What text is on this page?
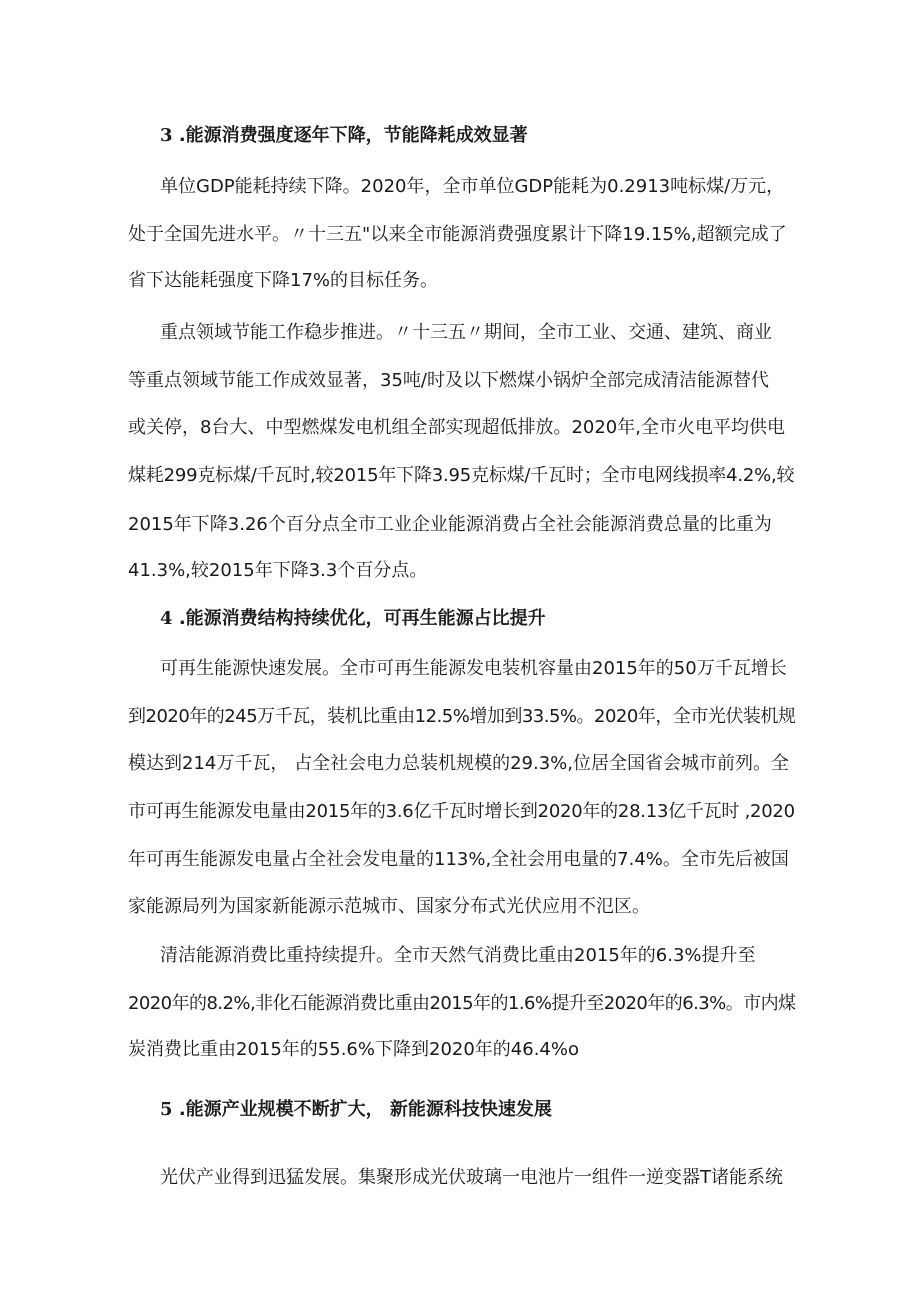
3 .能源消费强度逐年下降，节能降耗成效显著
单位GDP能耗持续下降。2020年，全市单位GDP能耗为0.2913吨标煤/万元，
处于全国先进水平。〃十三五"以来全市能源消费强度累计下降19.15%,超额完成了
省下达能耗强度下降17%的目标任务。
重点领域节能工作稳步推进。〃十三五〃期间，全市工业、交通、建筑、商业
等重点领域节能工作成效显著，35吨/时及以下燃煤小锅炉全部完成清洁能源替代
或关停，8台大、中型燃煤发电机组全部实现超低排放。2020年,全市火电平均供电
煤耗299克标煤/千瓦时,较2015年下降3.95克标煤/千瓦时；全市电网线损率4.2%,较
2015年下降3.26个百分点全市工业企业能源消费占全社会能源消费总量的比重为
41.3%,较2015年下降3.3个百分点。
4 .能源消费结构持续优化，可再生能源占比提升
可再生能源快速发展。全市可再生能源发电装机容量由2015年的50万千瓦增长
到2020年的245万千瓦，装机比重由12.5%增加到33.5%。2020年，全市光伏装机规
模达到214万千瓦， 占全社会电力总装机规模的29.3%,位居全国省会城市前列。全
市可再生能源发电量由2015年的3.6亿千瓦时增长到2020年的28.13亿千瓦时 ,2020
年可再生能源发电量占全社会发电量的113%,全社会用电量的7.4%。全市先后被国
家能源局列为国家新能源示范城市、国家分布式光伏应用不氾区。
清洁能源消费比重持续提升。全市天然气消费比重由2015年的6.3%提升至
2020年的8.2%,非化石能源消费比重由2015年的1.6%提升至2020年的6.3%。市内煤
炭消费比重由2015年的55.6%下降到2020年的46.4%o
5 .能源产业规模不断扩大， 新能源科技快速发展
光伏产业得到迅猛发展。集聚形成光伏玻璃一电池片一组件一逆变器T诸能系统
